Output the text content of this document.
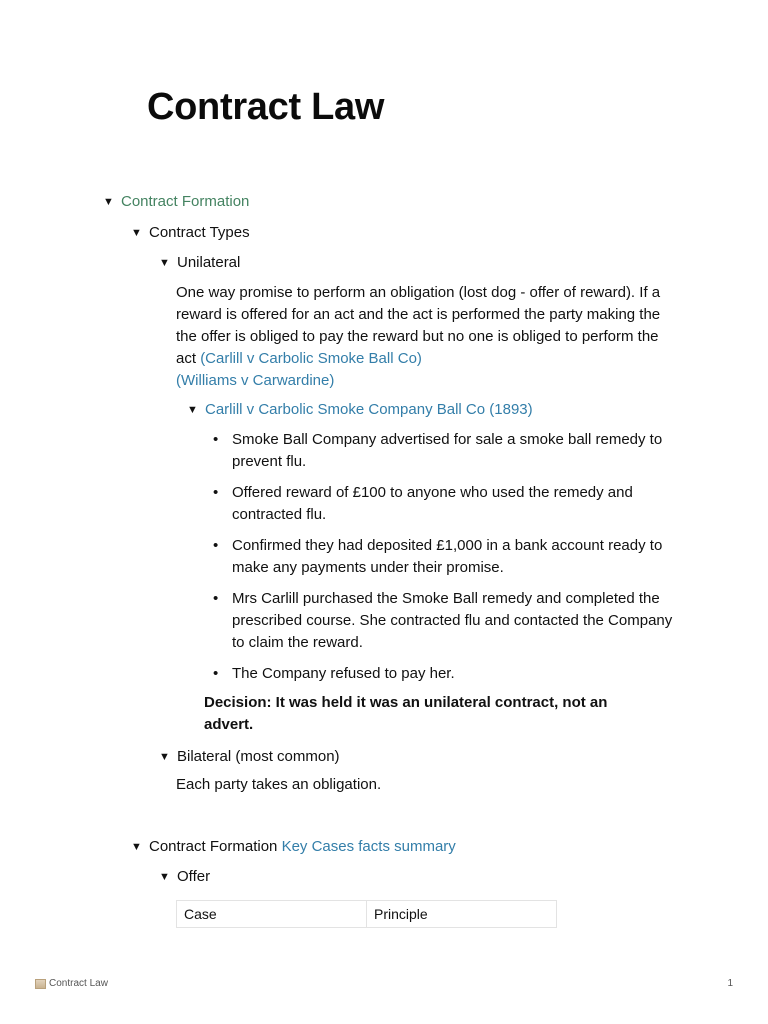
Contract Law
▼ Contract Formation
▼ Contract Types
▼ Unilateral

One way promise to perform an obligation (lost dog - offer of reward). If a reward is offered for an act and the act is performed the party making the the offer is obliged to pay the reward but no one is obliged to perform the act (Carlill v Carbolic Smoke Ball Co)
(Williams v Carwardine)

▼ Carlill v Carbolic Smoke Company Ball Co (1893)
• Smoke Ball Company advertised for sale a smoke ball remedy to prevent flu.
• Offered reward of £100 to anyone who used the remedy and contracted flu.
• Confirmed they had deposited £1,000 in a bank account ready to make any payments under their promise.
• Mrs Carlill purchased the Smoke Ball remedy and completed the prescribed course. She contracted flu and contacted the Company to claim the reward.
• The Company refused to pay her.
Decision: It was held it was an unilateral contract, not an advert.
▼ Bilateral (most common)

Each party takes an obligation.

▼ Contract Formation Key Cases facts summary
▼ Offer
Case	Principle
Contract Law	1
